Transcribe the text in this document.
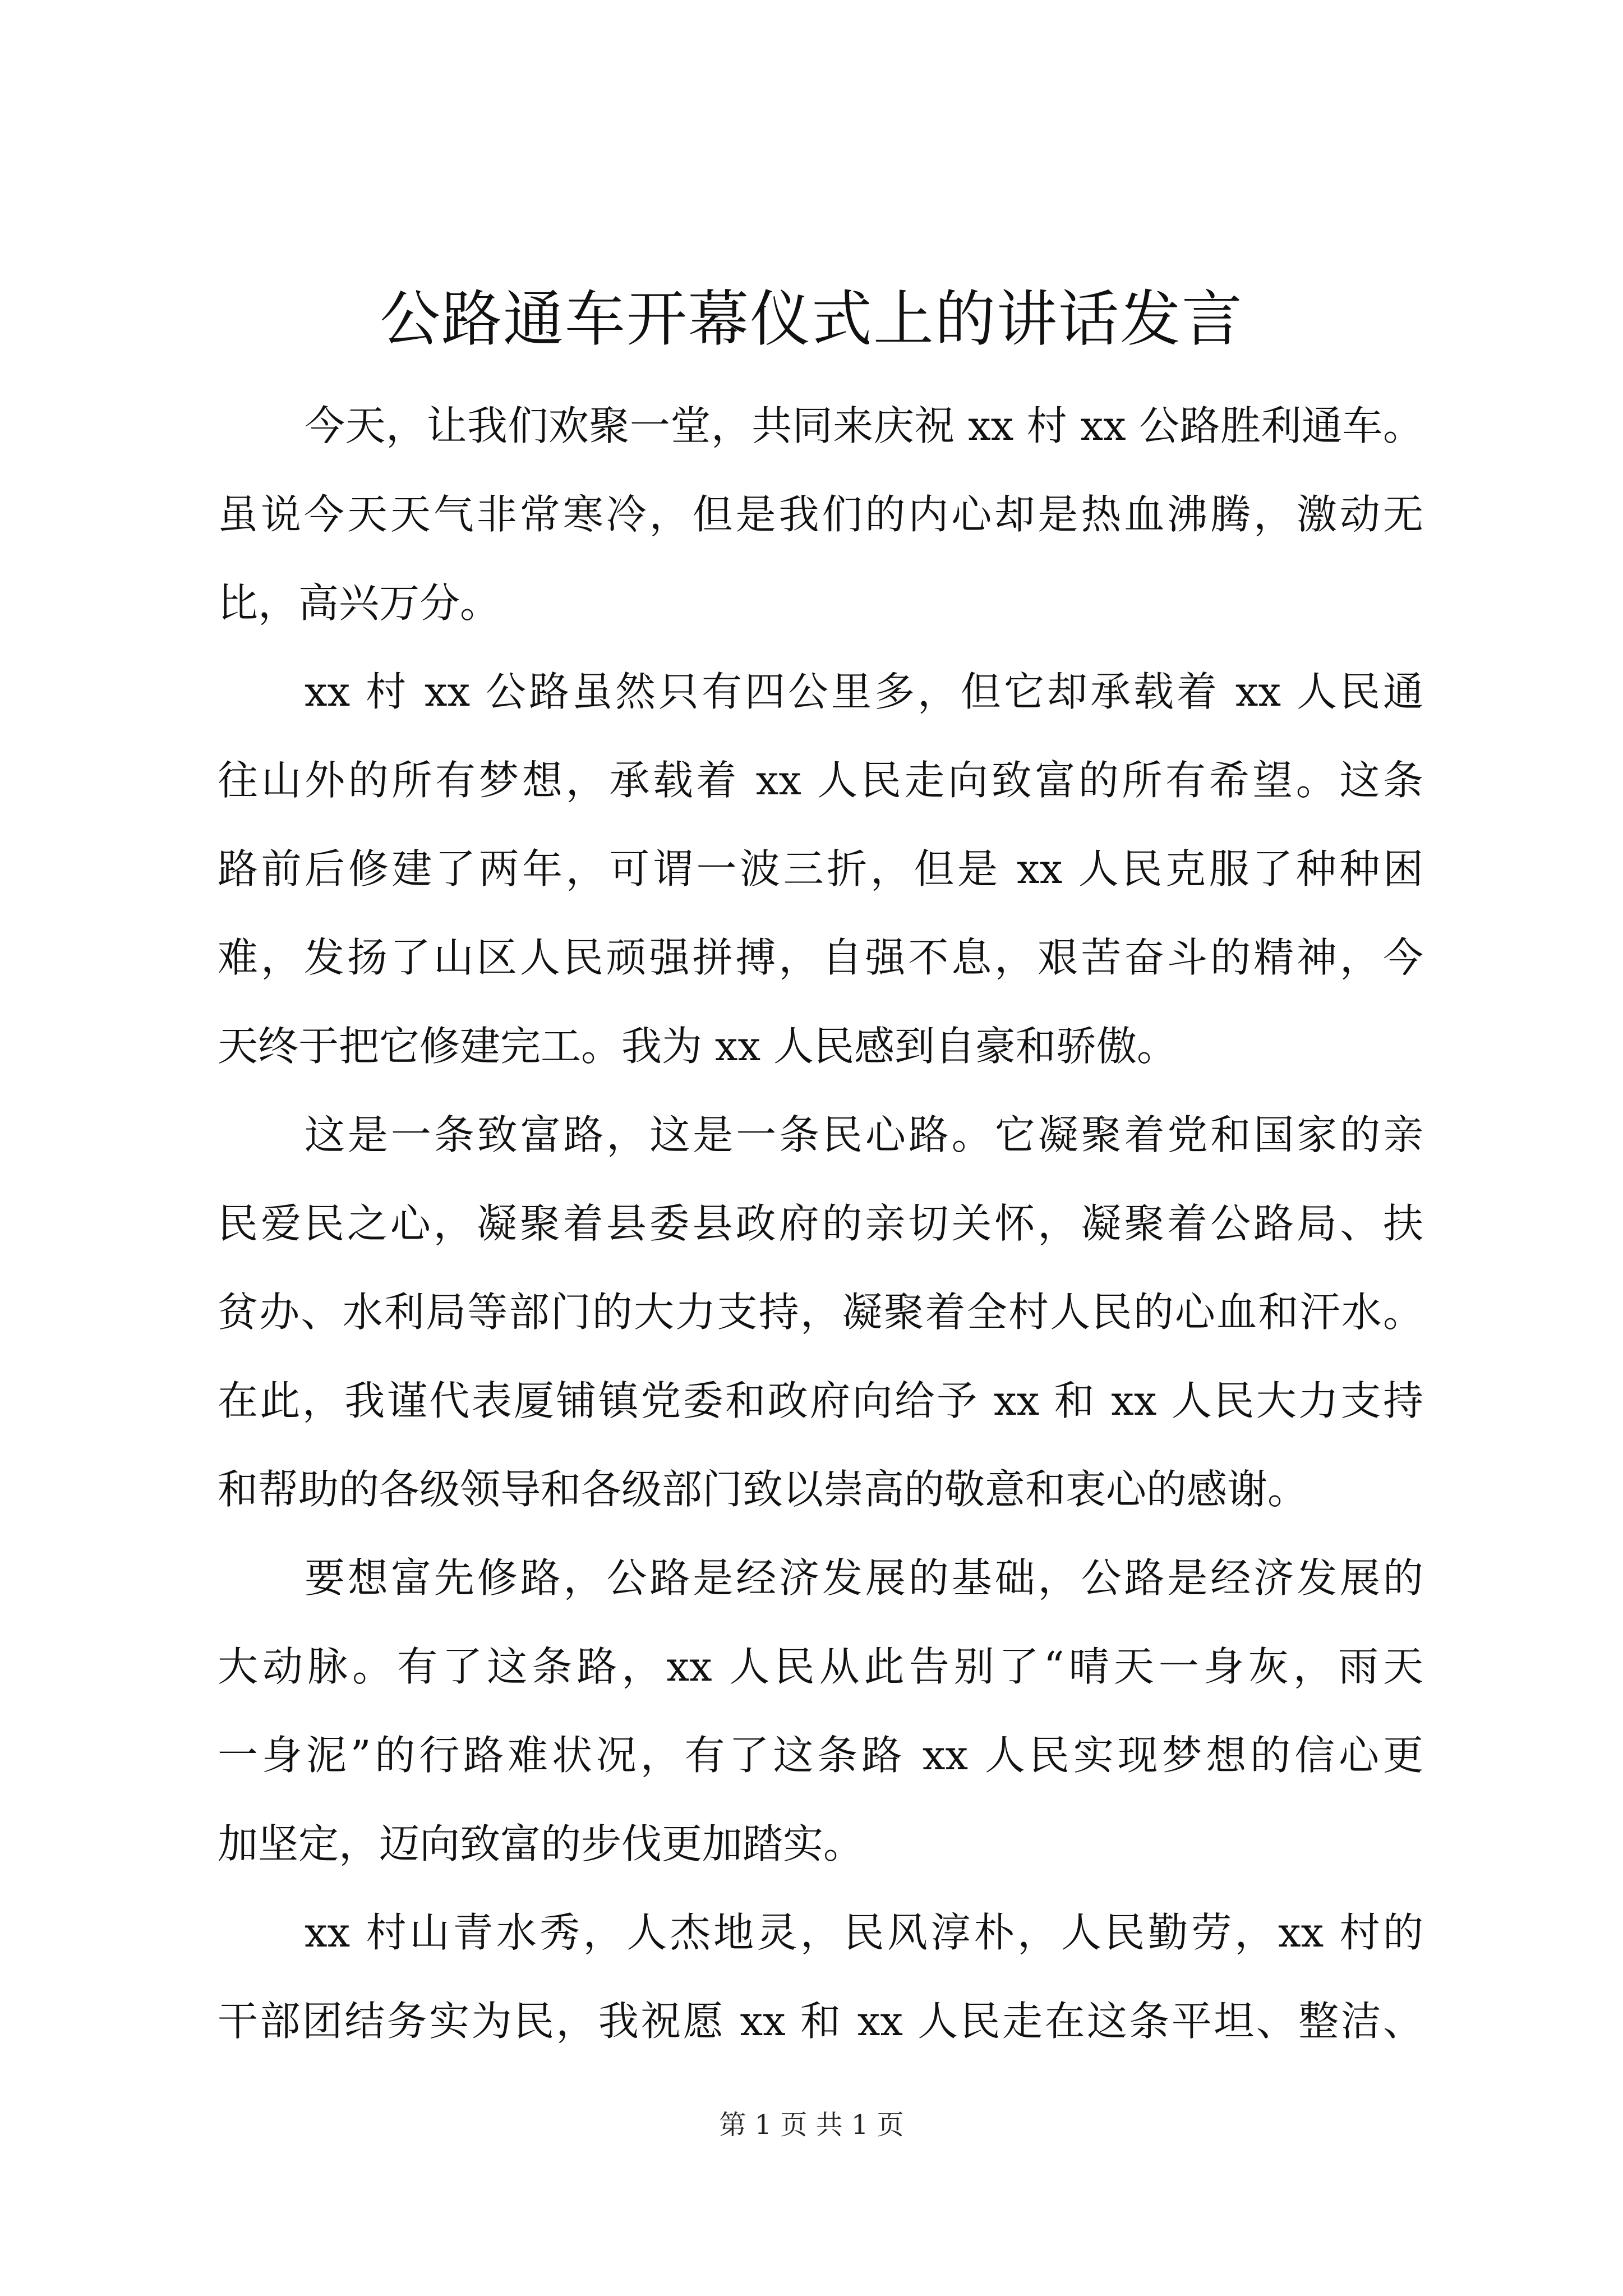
公路通车开幕仪式上的讲话发言
今天，让我们欢聚一堂，共同来庆祝 xx 村 xx 公路胜利通车。
虽说今天天气非常寒冷，但是我们的内心却是热血沸腾，激动无
比，高兴万分。
xx 村 xx 公路虽然只有四公里多，但它却承载着 xx 人民通
往山外的所有梦想，承载着 xx 人民走向致富的所有希望。这条
路前后修建了两年，可谓一波三折，但是 xx 人民克服了种种困
难，发扬了山区人民顽强拼搏，自强不息，艰苦奋斗的精神，今
天终于把它修建完工。我为 xx 人民感到自豪和骄傲。
这是一条致富路，这是一条民心路。它凝聚着党和国家的亲
民爱民之心，凝聚着县委县政府的亲切关怀，凝聚着公路局、扶
贫办、水利局等部门的大力支持，凝聚着全村人民的心血和汗水。
在此，我谨代表厦铺镇党委和政府向给予 xx 和 xx 人民大力支持
和帮助的各级领导和各级部门致以崇高的敬意和衷心的感谢。
要想富先修路，公路是经济发展的基础，公路是经济发展的
大动脉。有了这条路，xx 人民从此告别了“晴天一身灰，雨天
一身泥”的行路难状况，有了这条路 xx 人民实现梦想的信心更
加坚定，迈向致富的步伐更加踏实。
xx 村山青水秀，人杰地灵，民风淳朴，人民勤劳，xx 村的
干部团结务实为民，我祝愿 xx 和 xx 人民走在这条平坦、整洁、
第 1 页 共 1 页
